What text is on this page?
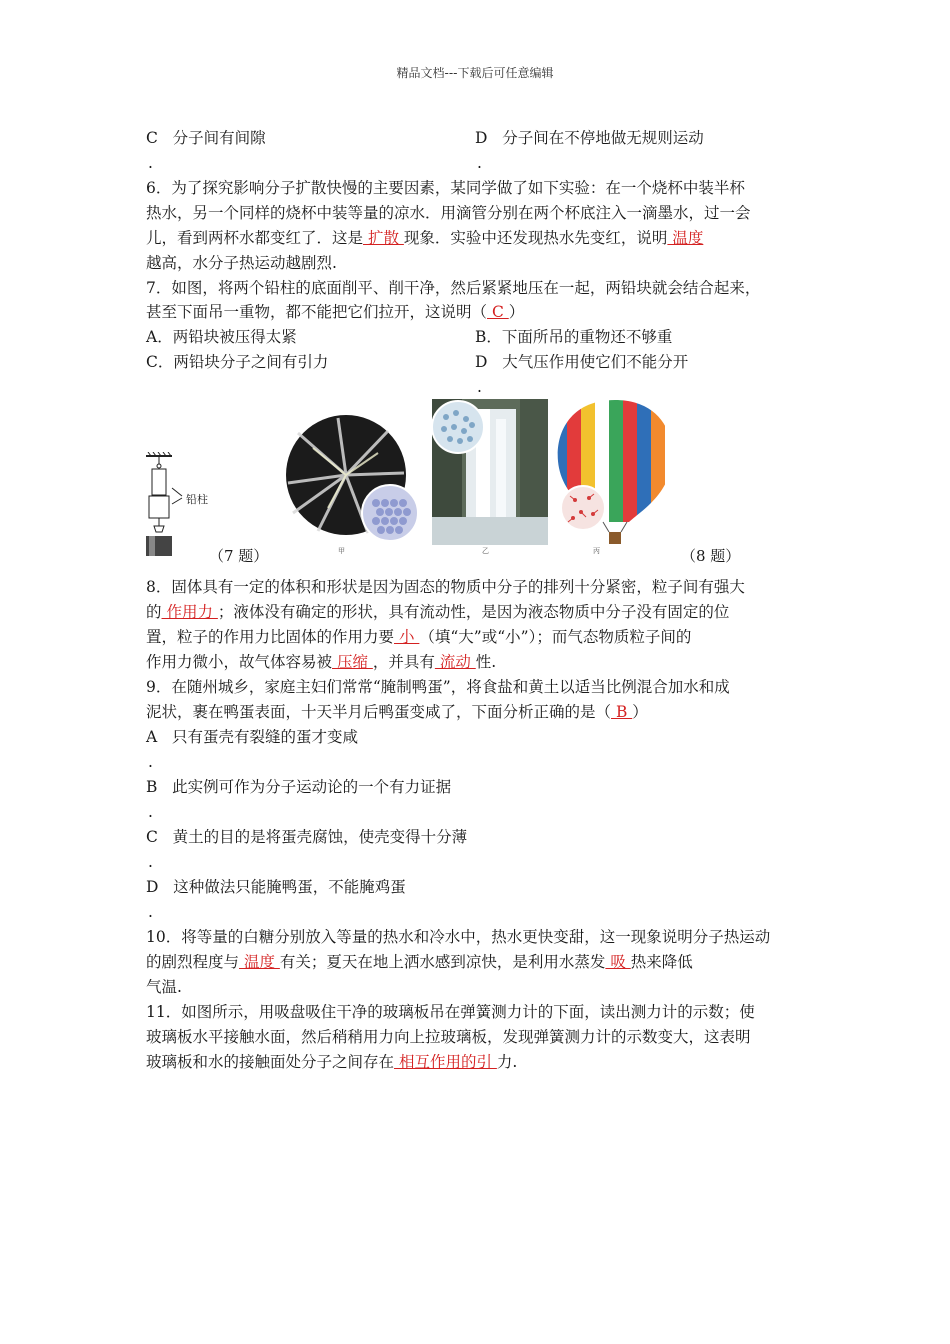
精品文档---下载后可任意编辑
C 分子间有间隙
.
D 分子间在不停地做无规则运动
.
6．为了探究影响分子扩散快慢的主要因素，某同学做了如下实验：在一个烧杯中装半杯
热水，另一个同样的烧杯中装等量的凉水．用滴管分别在两个杯底注入一滴墨水，过一会
儿，看到两杯水都变红了．这是 扩散 现象．实验中还发现热水先变红，说明 温度
越高，水分子热运动越剧烈.
7．如图，将两个铅柱的底面削平、削干净，然后紧紧地压在一起，两铅块就会结合起来，
甚至下面吊一重物，都不能把它们拉开，这说明（ C ）
A．两铅块被压得太紧	B．下面所吊的重物还不够重
C．两铅块分子之间有引力	D 大气压作用使它们不能分开
.
铅柱
（7 题）	甲	乙	丙	（8 题）
8．固体具有一定的体积和形状是因为固态的物质中分子的排列十分紧密，粒子间有强大
的 作用力 ；液体没有确定的形状，具有流动性，是因为液态物质中分子没有固定的位
置，粒子的作用力比固体的作用力要 小 （填“大”或“小”）；而气态物质粒子间的
作用力微小，故气体容易被 压缩 ，并具有 流动 性.
9．在随州城乡，家庭主妇们常常“腌制鸭蛋”，将食盐和黄土以适当比例混合加水和成
泥状，裹在鸭蛋表面，十天半月后鸭蛋变咸了，下面分析正确的是（ B ）
A 只有蛋壳有裂缝的蛋才变咸
.
B 此实例可作为分子运动论的一个有力证据
.
C 黄土的目的是将蛋壳腐蚀，使壳变得十分薄
.
D 这种做法只能腌鸭蛋，不能腌鸡蛋
.
10．将等量的白糖分别放入等量的热水和冷水中，热水更快变甜，这一现象说明分子热运动
的剧烈程度与 温度 有关；夏天在地上洒水感到凉快，是利用水蒸发 吸 热来降低
气温.
11．如图所示，用吸盘吸住干净的玻璃板吊在弹簧测力计的下面，读出测力计的示数；使
玻璃板水平接触水面，然后稍稍用力向上拉玻璃板，发现弹簧测力计的示数变大，这表明
玻璃板和水的接触面处分子之间存在 相互作用的引 力.
